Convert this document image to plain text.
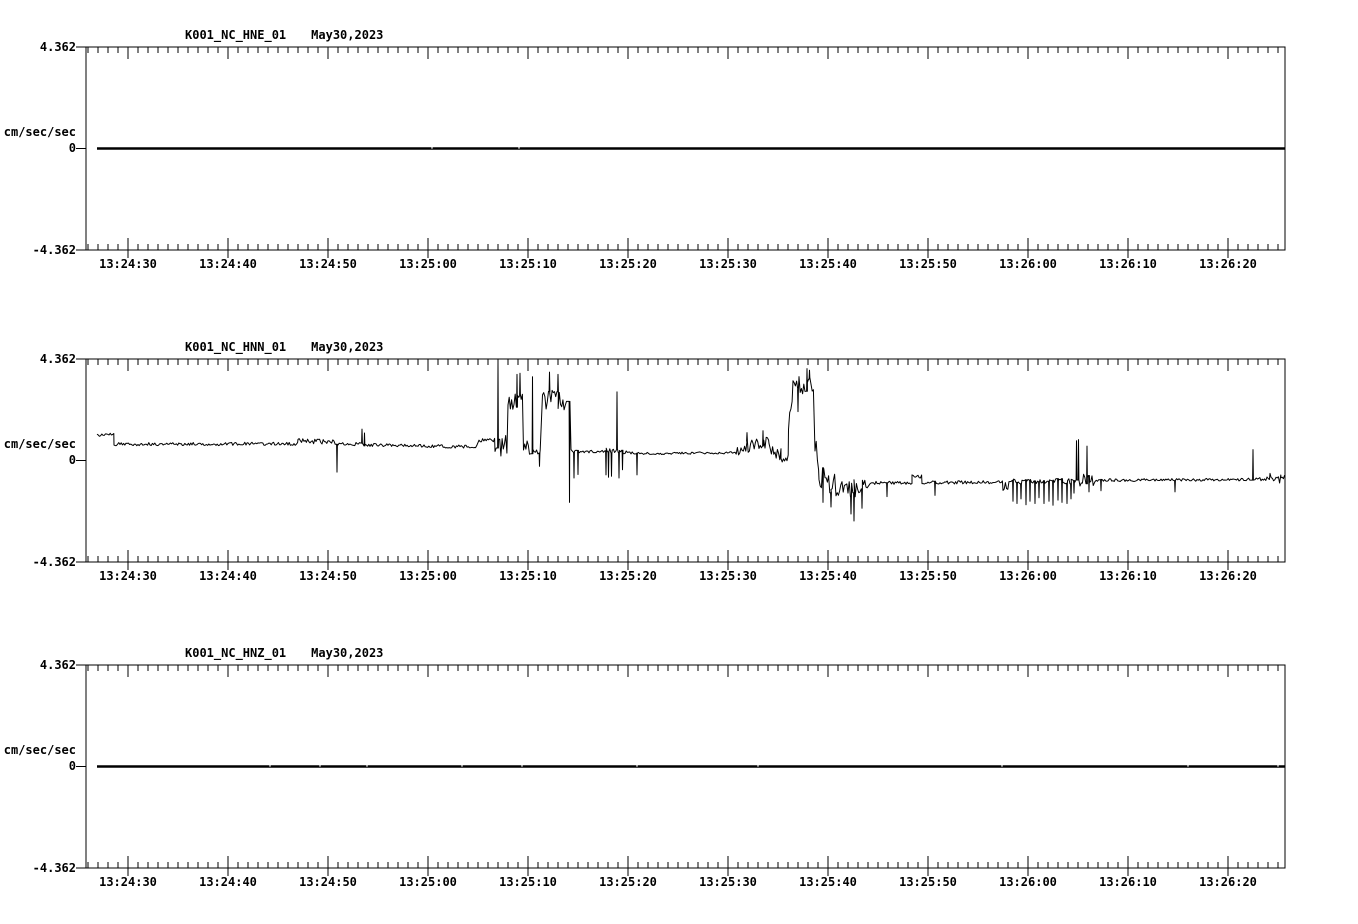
K001_NC_HNE_01 May30,2023
4.362
cm/sec/sec
0
-4.362
13:24:30	13:24:40	13:24:50	13:25:00	13:25:10	13:25:20	13:25:30	13:25:40	13:25:50	13:26:00	13:26:10	13:26:20
K001_NC_HNN_01 May30,2023
4.362
cm/sec/sec
0
-4.362
13:24:30	13:24:40	13:24:50	13:25:00	13:25:10	13:25:20	13:25:30	13:25:40	13:25:50	13:26:00	13:26:10	13:26:20
K001_NC_HNZ_01 May30,2023
4.362
cm/sec/sec
0
-4.362
13:24:30	13:24:40	13:24:50	13:25:00	13:25:10	13:25:20	13:25:30	13:25:40	13:25:50	13:26:00	13:26:10	13:26:20
